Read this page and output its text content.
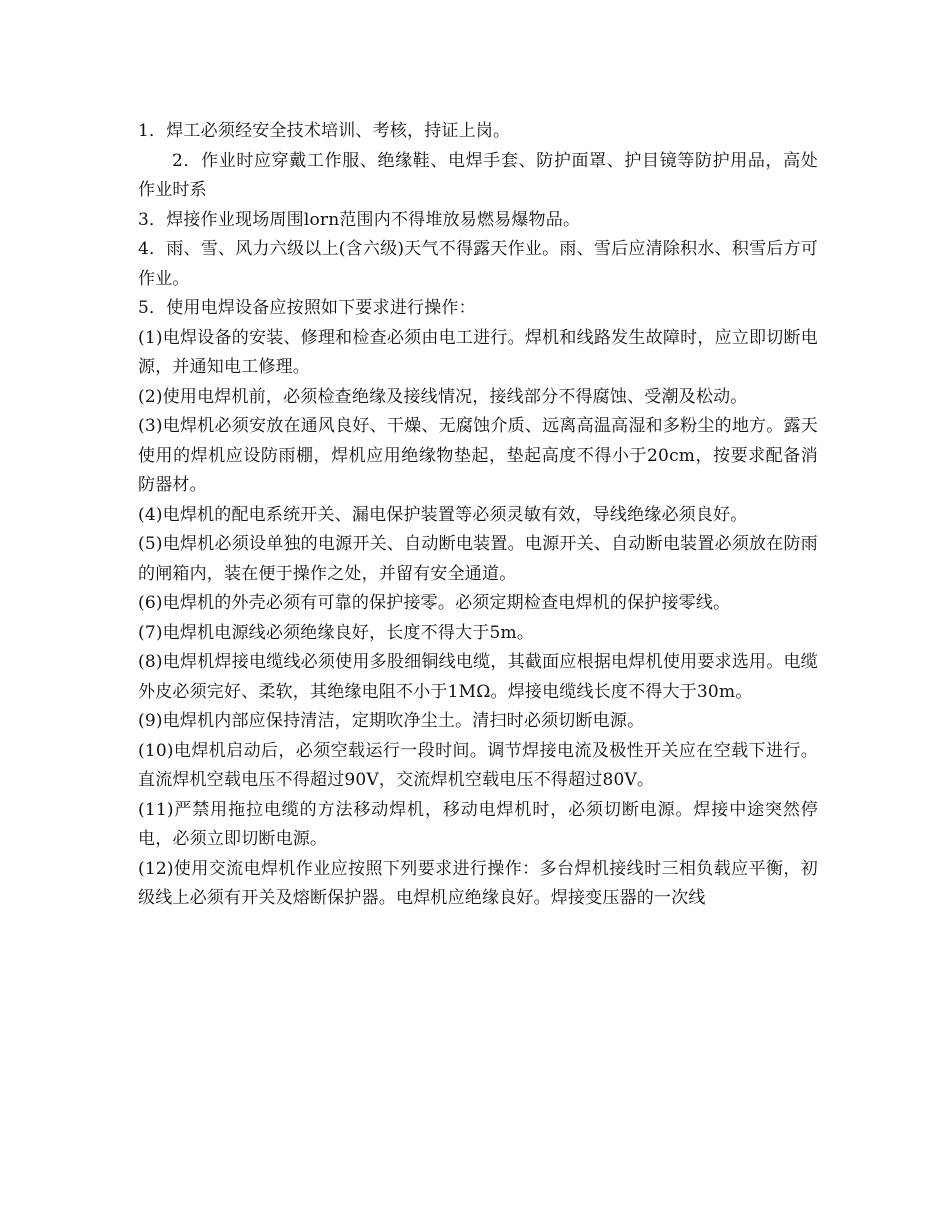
1．焊工必须经安全技术培训、考核，持证上岗。

2．作业时应穿戴工作服、绝缘鞋、电焊手套、防护面罩、护目镜等防护用品，高处作业时系

3．焊接作业现场周围lorn范围内不得堆放易燃易爆物品。

4．雨、雪、风力六级以上(含六级)天气不得露天作业。雨、雪后应清除积水、积雪后方可作业。

5．使用电焊设备应按照如下要求进行操作：

(1)电焊设备的安装、修理和检查必须由电工进行。焊机和线路发生故障时，应立即切断电源，并通知电工修理。

(2)使用电焊机前，必须检查绝缘及接线情况，接线部分不得腐蚀、受潮及松动。

(3)电焊机必须安放在通风良好、干燥、无腐蚀介质、远离高温高湿和多粉尘的地方。露天使用的焊机应设防雨棚，焊机应用绝缘物垫起，垫起高度不得小于20cm，按要求配备消防器材。

(4)电焊机的配电系统开关、漏电保护装置等必须灵敏有效，导线绝缘必须良好。

(5)电焊机必须设单独的电源开关、自动断电装置。电源开关、自动断电装置必须放在防雨的闸箱内，装在便于操作之处，并留有安全通道。

(6)电焊机的外壳必须有可靠的保护接零。必须定期检查电焊机的保护接零线。

(7)电焊机电源线必须绝缘良好，长度不得大于5m。

(8)电焊机焊接电缆线必须使用多股细铜线电缆，其截面应根据电焊机使用要求选用。电缆外皮必须完好、柔软，其绝缘电阻不小于1MΩ。焊接电缆线长度不得大于30m。

(9)电焊机内部应保持清洁，定期吹净尘土。清扫时必须切断电源。

(10)电焊机启动后，必须空载运行一段时间。调节焊接电流及极性开关应在空载下进行。直流焊机空载电压不得超过90V，交流焊机空载电压不得超过80V。

(11)严禁用拖拉电缆的方法移动焊机，移动电焊机时，必须切断电源。焊接中途突然停电，必须立即切断电源。

(12)使用交流电焊机作业应按照下列要求进行操作：多台焊机接线时三相负载应平衡，初级线上必须有开关及熔断保护器。电焊机应绝缘良好。焊接变压器的一次线
